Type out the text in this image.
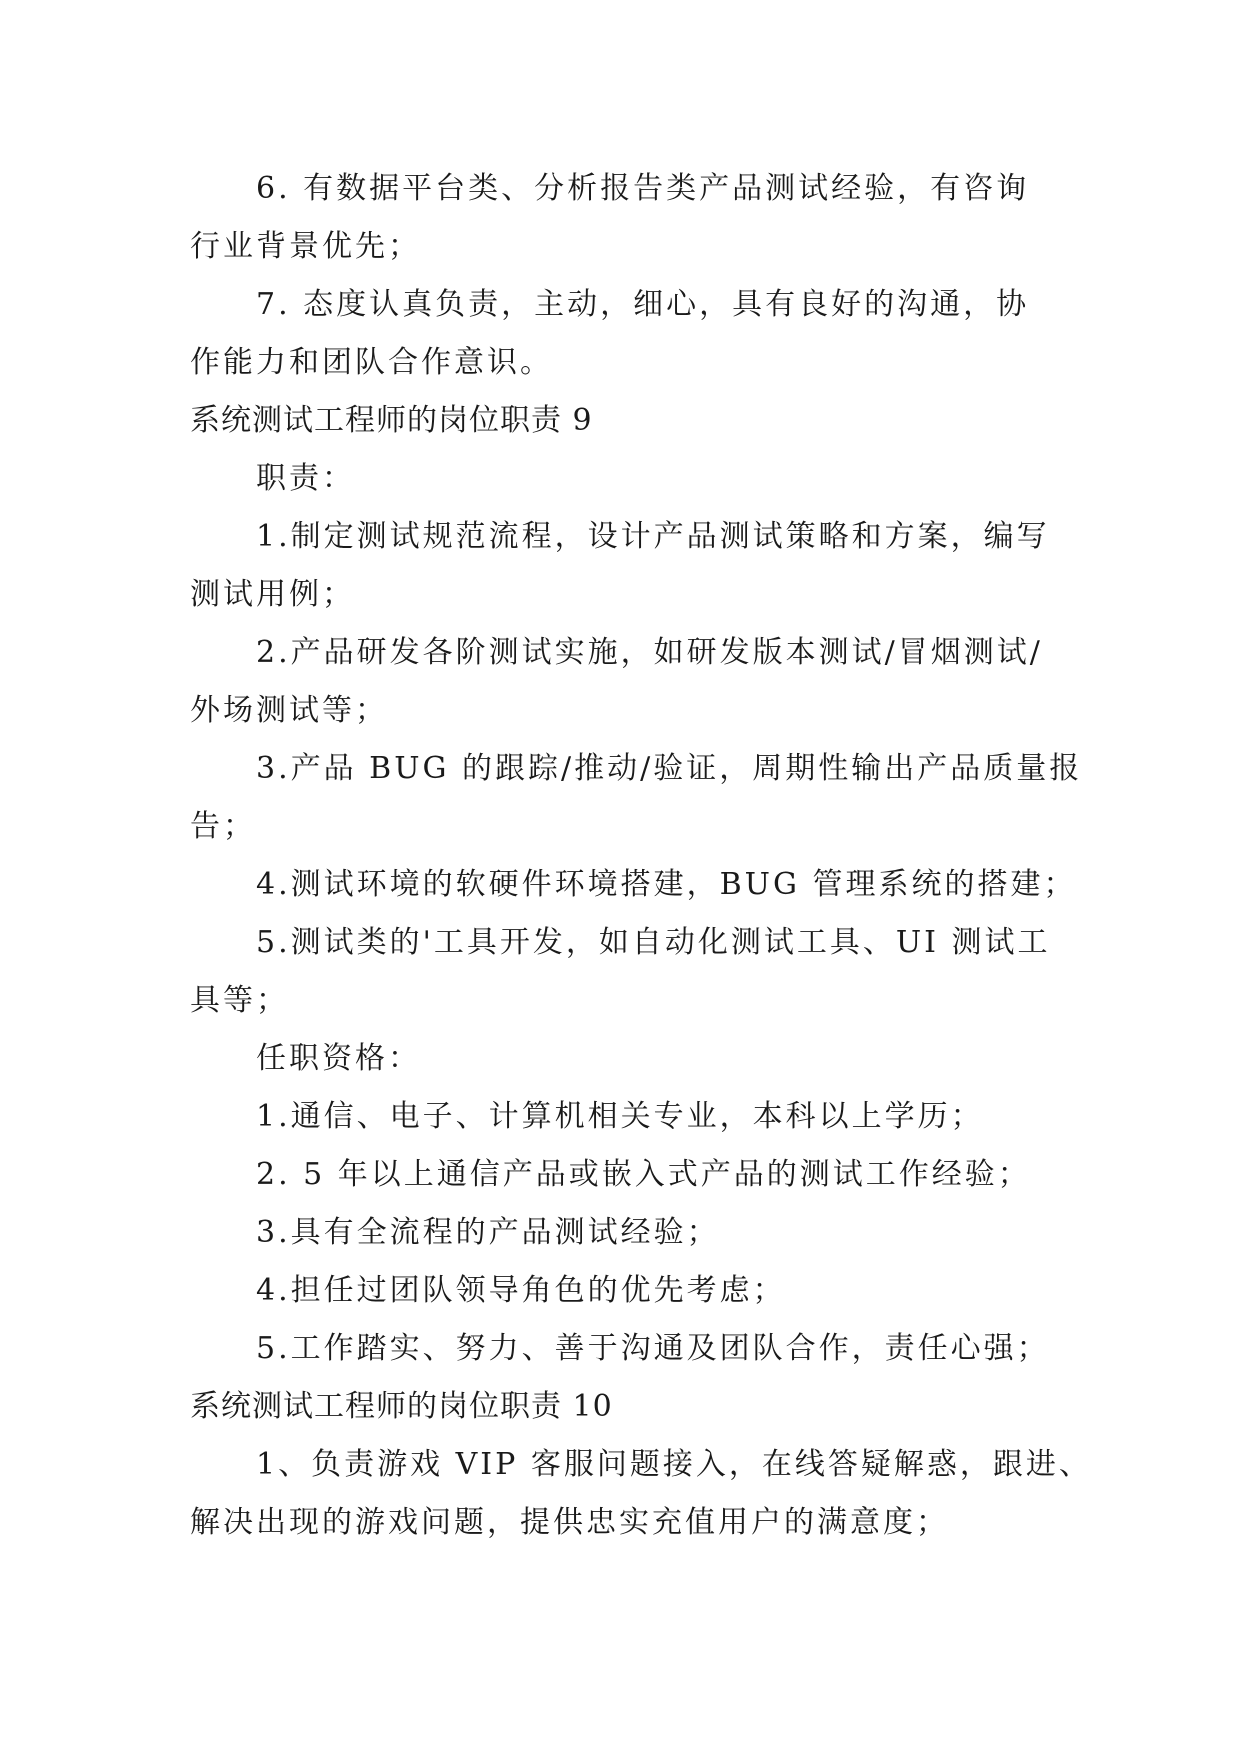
6. 有数据平台类、分析报告类产品测试经验，有咨询
行业背景优先；
7. 态度认真负责，主动，细心，具有良好的沟通，协
作能力和团队合作意识。
系统测试工程师的岗位职责 9
职责：
1.制定测试规范流程，设计产品测试策略和方案，编写
测试用例；
2.产品研发各阶测试实施，如研发版本测试/冒烟测试/
外场测试等；
3.产品 BUG 的跟踪/推动/验证，周期性输出产品质量报
告；
4.测试环境的软硬件环境搭建，BUG 管理系统的搭建；
5.测试类的'工具开发，如自动化测试工具、UI 测试工
具等；
任职资格：
1.通信、电子、计算机相关专业，本科以上学历；
2. 5 年以上通信产品或嵌入式产品的测试工作经验；
3.具有全流程的产品测试经验；
4.担任过团队领导角色的优先考虑；
5.工作踏实、努力、善于沟通及团队合作，责任心强；
系统测试工程师的岗位职责 10
1、负责游戏 VIP 客服问题接入，在线答疑解惑，跟进、
解决出现的游戏问题，提供忠实充值用户的满意度；
